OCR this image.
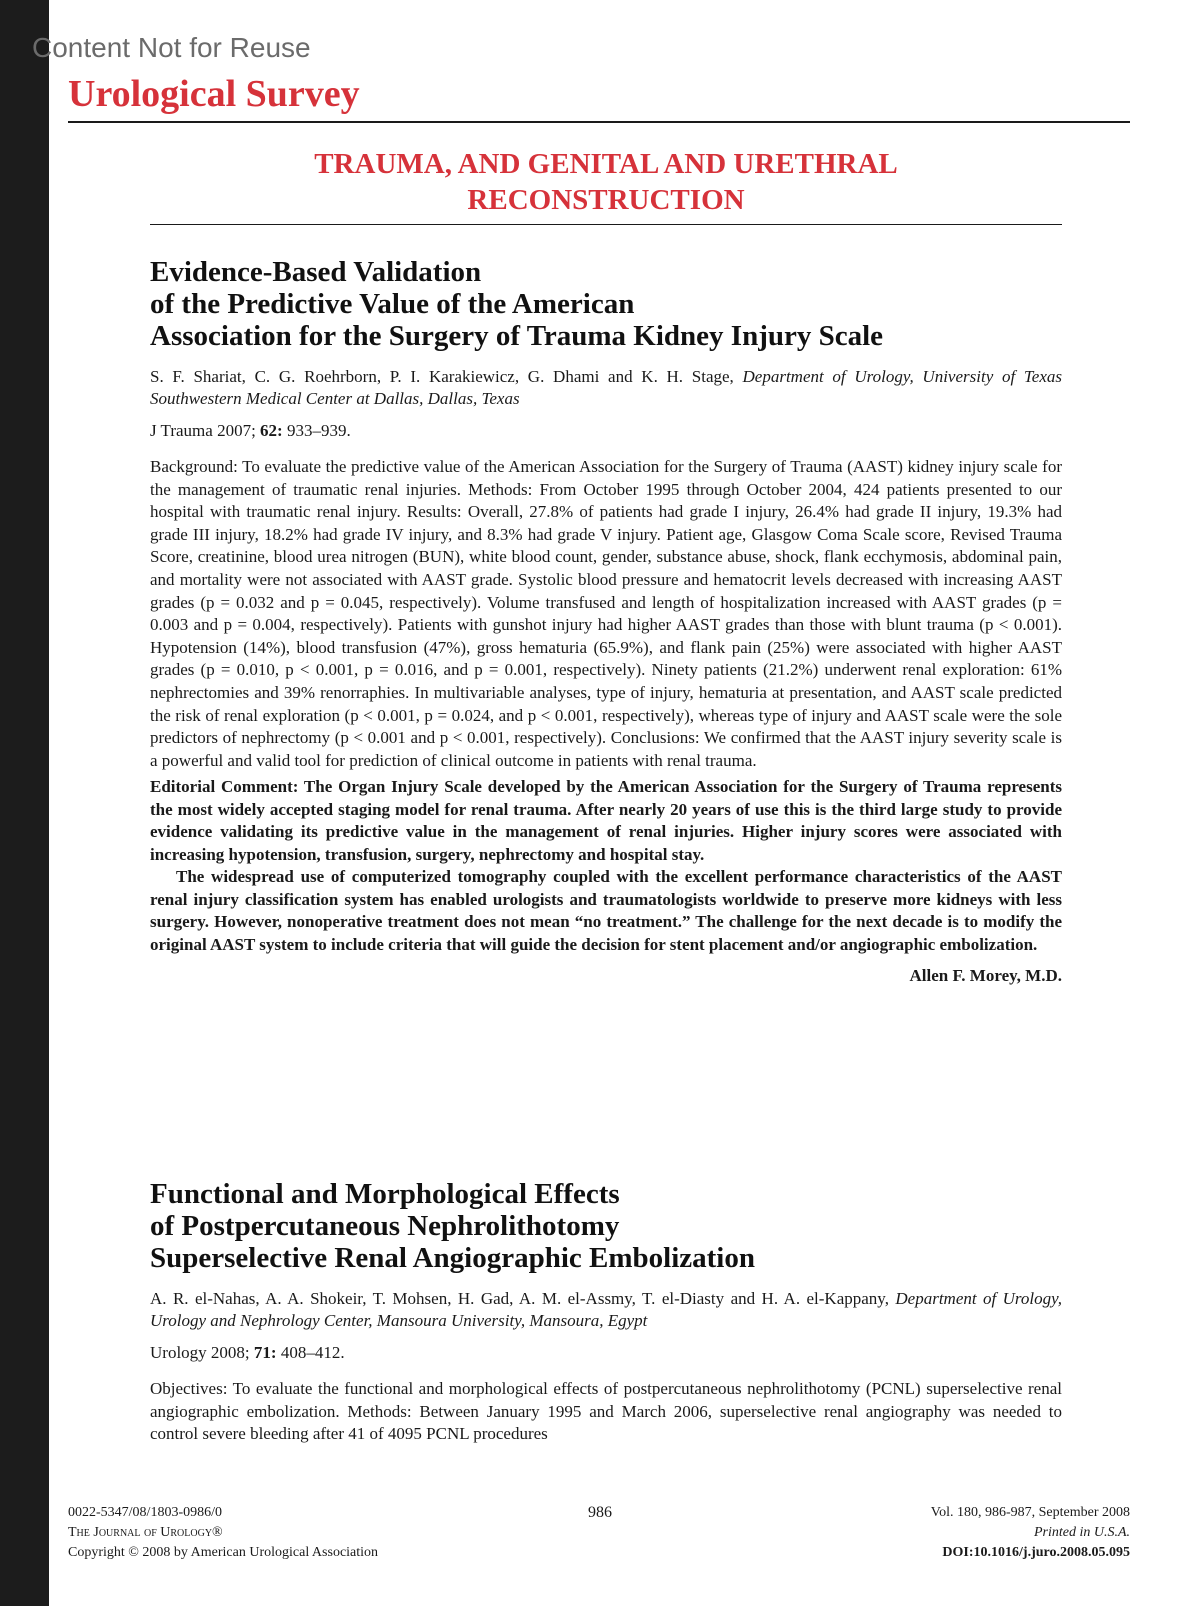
Content Not for Reuse
Urological Survey
TRAUMA, AND GENITAL AND URETHRAL
RECONSTRUCTION
Evidence-Based Validation
of the Predictive Value of the American
Association for the Surgery of Trauma Kidney Injury Scale

S. F. Shariat, C. G. Roehrborn, P. I. Karakiewicz, G. Dhami and K. H. Stage, Department of Urology, University of Texas Southwestern Medical Center at Dallas, Dallas, Texas

J Trauma 2007; 62: 933–939.

Background: To evaluate the predictive value of the American Association for the Surgery of Trauma (AAST) kidney injury scale for the management of traumatic renal injuries. Methods: From October 1995 through October 2004, 424 patients presented to our hospital with traumatic renal injury. Results: Overall, 27.8% of patients had grade I injury, 26.4% had grade II injury, 19.3% had grade III injury, 18.2% had grade IV injury, and 8.3% had grade V injury. Patient age, Glasgow Coma Scale score, Revised Trauma Score, creatinine, blood urea nitrogen (BUN), white blood count, gender, substance abuse, shock, flank ecchymosis, abdominal pain, and mortality were not associated with AAST grade. Systolic blood pressure and hematocrit levels decreased with increasing AAST grades (p = 0.032 and p = 0.045, respectively). Volume transfused and length of hospitalization increased with AAST grades (p = 0.003 and p = 0.004, respectively). Patients with gunshot injury had higher AAST grades than those with blunt trauma (p < 0.001). Hypotension (14%), blood transfusion (47%), gross hematuria (65.9%), and flank pain (25%) were associated with higher AAST grades (p = 0.010, p < 0.001, p = 0.016, and p = 0.001, respectively). Ninety patients (21.2%) underwent renal exploration: 61% nephrectomies and 39% renorraphies. In multivariable analyses, type of injury, hematuria at presentation, and AAST scale predicted the risk of renal exploration (p < 0.001, p = 0.024, and p < 0.001, respectively), whereas type of injury and AAST scale were the sole predictors of nephrectomy (p < 0.001 and p < 0.001, respectively). Conclusions: We confirmed that the AAST injury severity scale is a powerful and valid tool for prediction of clinical outcome in patients with renal trauma.

Editorial Comment: The Organ Injury Scale developed by the American Association for the Surgery of Trauma represents the most widely accepted staging model for renal trauma. After nearly 20 years of use this is the third large study to provide evidence validating its predictive value in the management of renal injuries. Higher injury scores were associated with increasing hypotension, transfusion, surgery, nephrectomy and hospital stay.

The widespread use of computerized tomography coupled with the excellent performance characteristics of the AAST renal injury classification system has enabled urologists and traumatologists worldwide to preserve more kidneys with less surgery. However, nonoperative treatment does not mean “no treatment.” The challenge for the next decade is to modify the original AAST system to include criteria that will guide the decision for stent placement and/or angiographic embolization.

Allen F. Morey, M.D.
Functional and Morphological Effects
of Postpercutaneous Nephrolithotomy
Superselective Renal Angiographic Embolization

A. R. el-Nahas, A. A. Shokeir, T. Mohsen, H. Gad, A. M. el-Assmy, T. el-Diasty and H. A. el-Kappany, Department of Urology, Urology and Nephrology Center, Mansoura University, Mansoura, Egypt

Urology 2008; 71: 408–412.

Objectives: To evaluate the functional and morphological effects of postpercutaneous nephrolithotomy (PCNL) superselective renal angiographic embolization. Methods: Between January 1995 and March 2006, superselective renal angiography was needed to control severe bleeding after 41 of 4095 PCNL procedures

0022-5347/08/1803-0986/0
The Journal of Urology®
Copyright © 2008 by American Urological Association
986	Vol. 180, 986-987, September 2008
Printed in U.S.A.
DOI:10.1016/j.juro.2008.05.095
